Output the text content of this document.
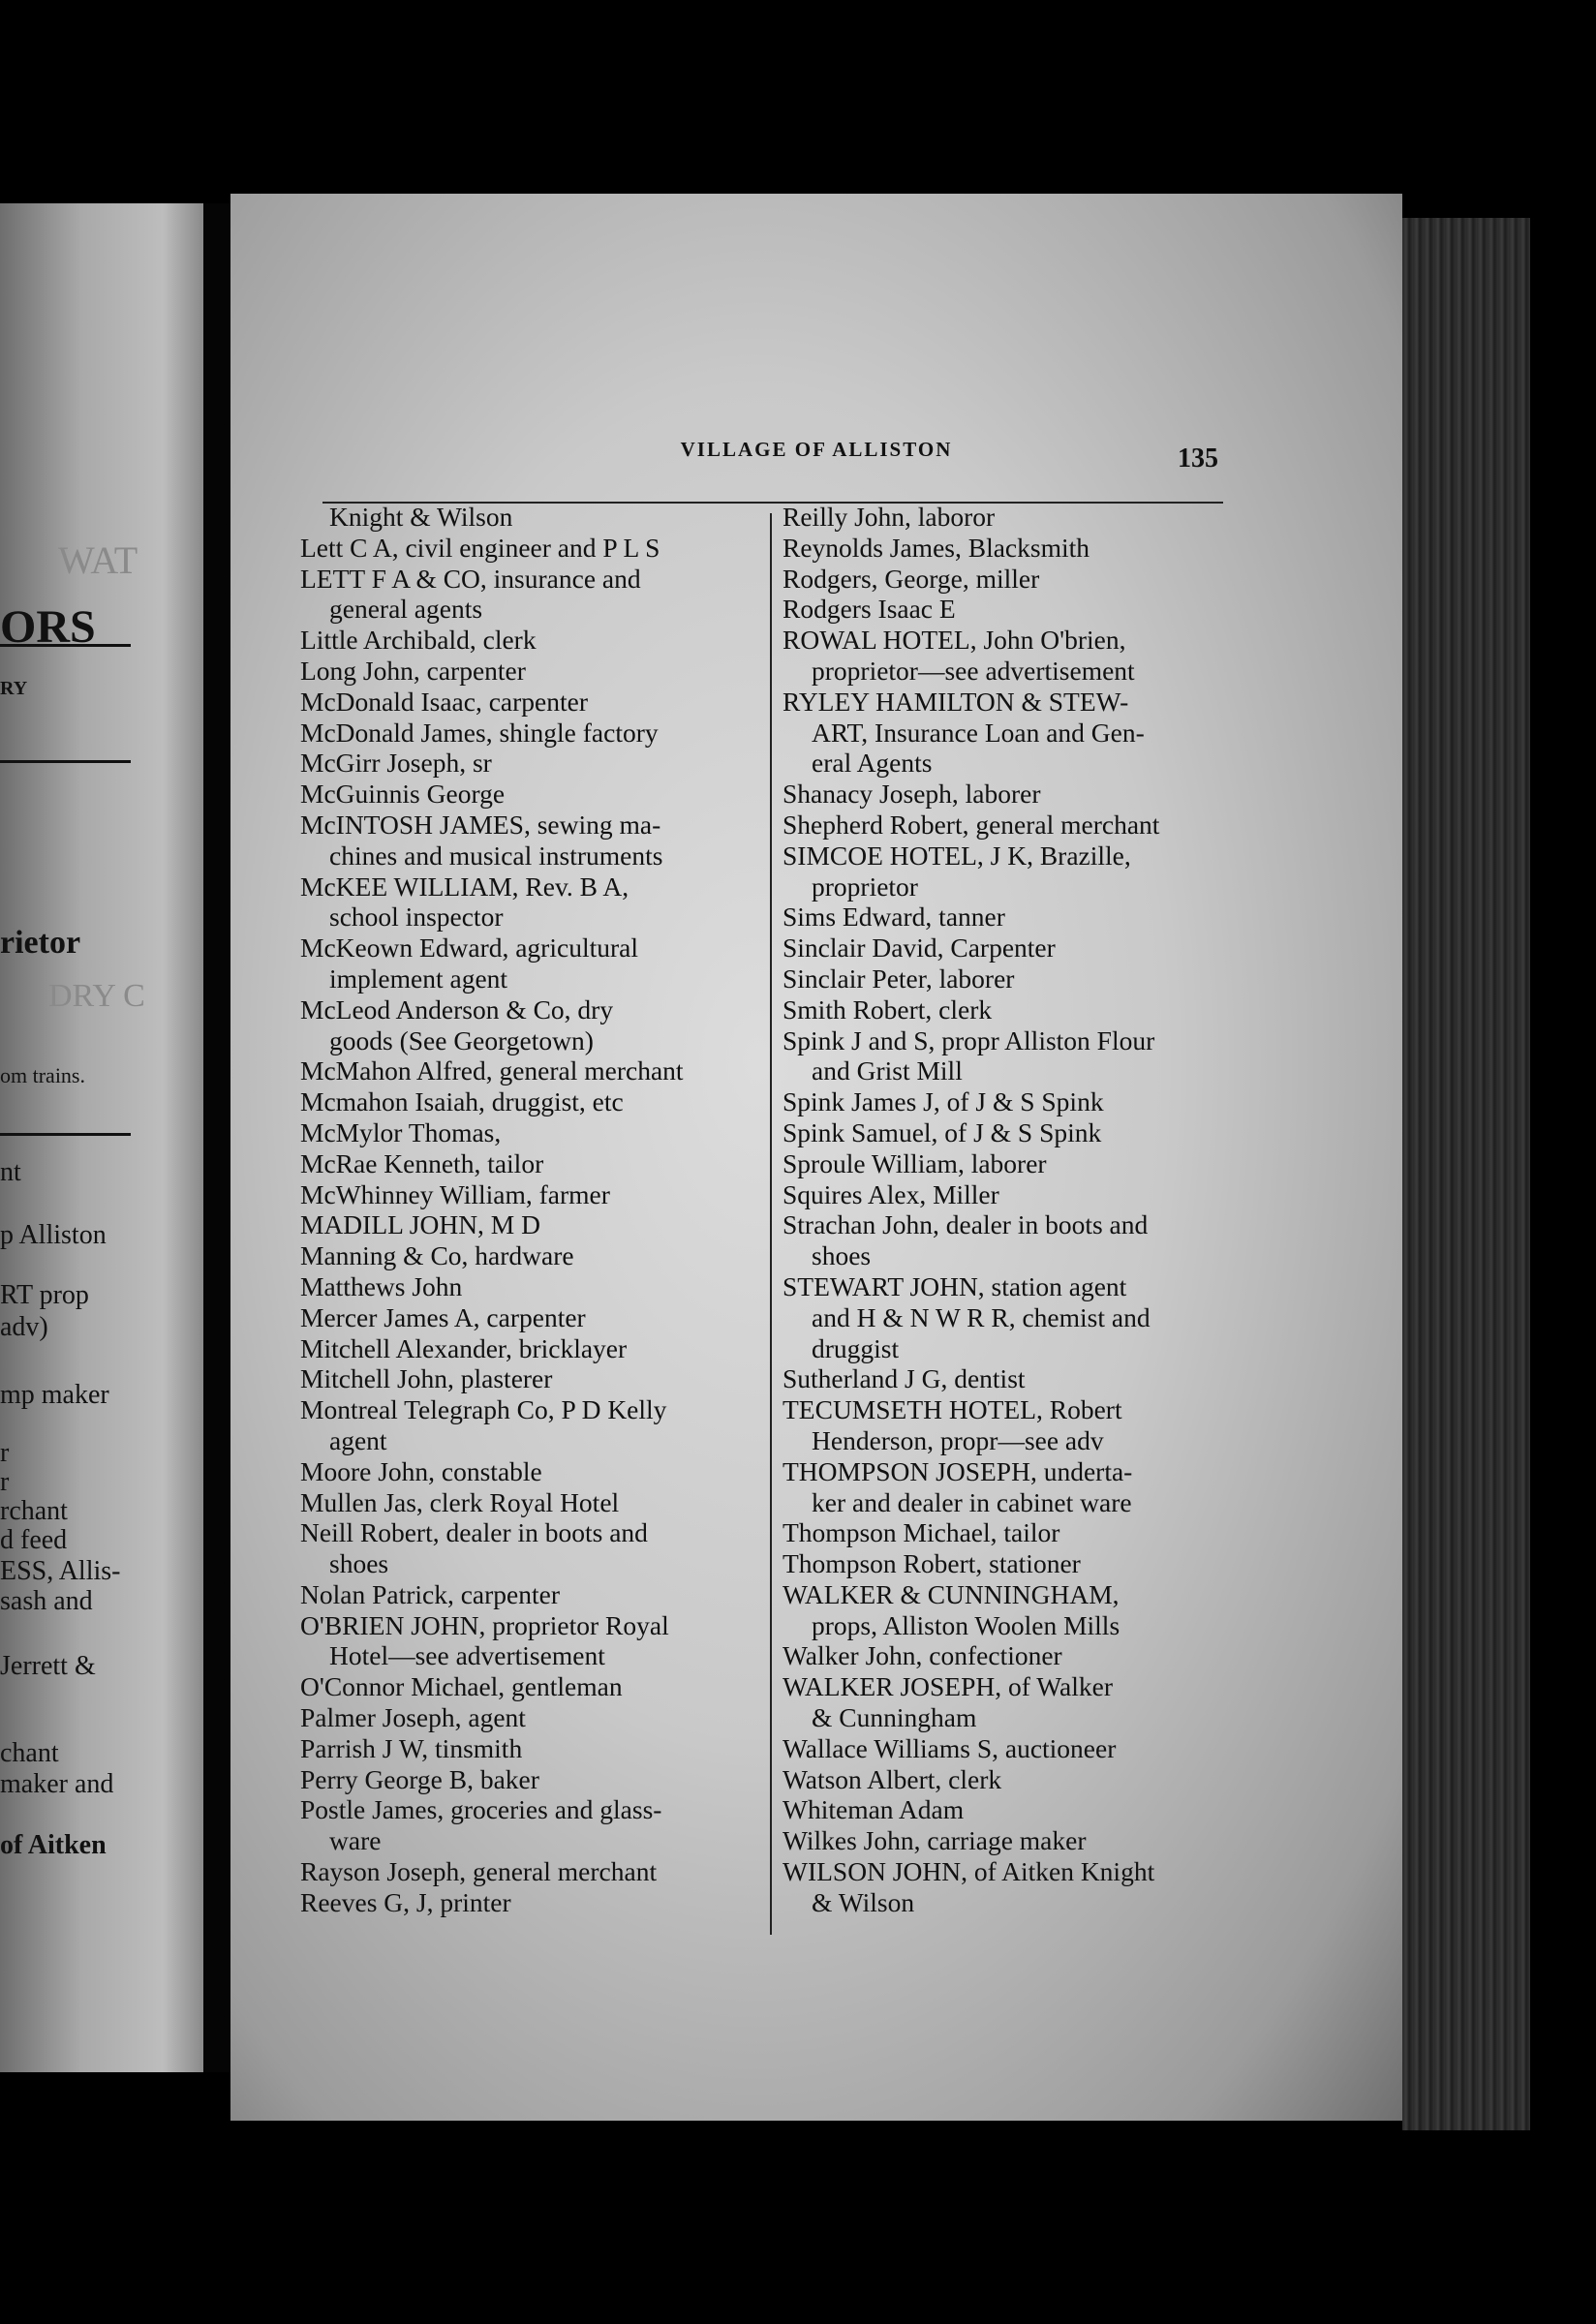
WAT
ORS
RY
rietor
DRY C
om trains.
nt
p Alliston
RT prop
adv)
mp maker
r
r
rchant
d feed
ESS, Allis-
sash and
Jerrett &
chant
maker and
of Aitken
VILLAGE OF ALLISTON	135
Knight & Wilson
Lett C A, civil engineer and P L S
LETT F A & CO, insurance and
general agents
Little Archibald, clerk
Long John, carpenter
McDonald Isaac, carpenter
McDonald James, shingle factory
McGirr Joseph, sr
McGuinnis George
McINTOSH JAMES, sewing ma-
chines and musical instruments
McKEE WILLIAM, Rev. B A,
school inspector
McKeown Edward, agricultural
implement agent
McLeod Anderson & Co, dry
goods (See Georgetown)
McMahon Alfred, general merchant
Mcmahon Isaiah, druggist, etc
McMylor Thomas,
McRae Kenneth, tailor
McWhinney William, farmer
MADILL JOHN, M D
Manning & Co, hardware
Matthews John
Mercer James A, carpenter
Mitchell Alexander, bricklayer
Mitchell John, plasterer
Montreal Telegraph Co, P D Kelly
agent
Moore John, constable
Mullen Jas, clerk Royal Hotel
Neill Robert, dealer in boots and
shoes
Nolan Patrick, carpenter
O'BRIEN JOHN, proprietor Royal
Hotel—see advertisement
O'Connor Michael, gentleman
Palmer Joseph, agent
Parrish J W, tinsmith
Perry George B, baker
Postle James, groceries and glass-
ware
Rayson Joseph, general merchant
Reeves G, J, printer
Reilly John, laboror
Reynolds James, Blacksmith
Rodgers, George, miller
Rodgers Isaac E
ROWAL HOTEL, John O'brien,
proprietor—see advertisement
RYLEY HAMILTON & STEW-
ART, Insurance Loan and Gen-
eral Agents
Shanacy Joseph, laborer
Shepherd Robert, general merchant
SIMCOE HOTEL, J K, Brazille,
proprietor
Sims Edward, tanner
Sinclair David, Carpenter
Sinclair Peter, laborer
Smith Robert, clerk
Spink J and S, propr Alliston Flour
and Grist Mill
Spink James J, of J & S Spink
Spink Samuel, of J & S Spink
Sproule William, laborer
Squires Alex, Miller
Strachan John, dealer in boots and
shoes
STEWART JOHN, station agent
and H & N W R R, chemist and
druggist
Sutherland J G, dentist
TECUMSETH HOTEL, Robert
Henderson, propr—see adv
THOMPSON JOSEPH, underta-
ker and dealer in cabinet ware
Thompson Michael, tailor
Thompson Robert, stationer
WALKER & CUNNINGHAM,
props, Alliston Woolen Mills
Walker John, confectioner
WALKER JOSEPH, of Walker
& Cunningham
Wallace Williams S, auctioneer
Watson Albert, clerk
Whiteman Adam
Wilkes John, carriage maker
WILSON JOHN, of Aitken Knight
& Wilson
